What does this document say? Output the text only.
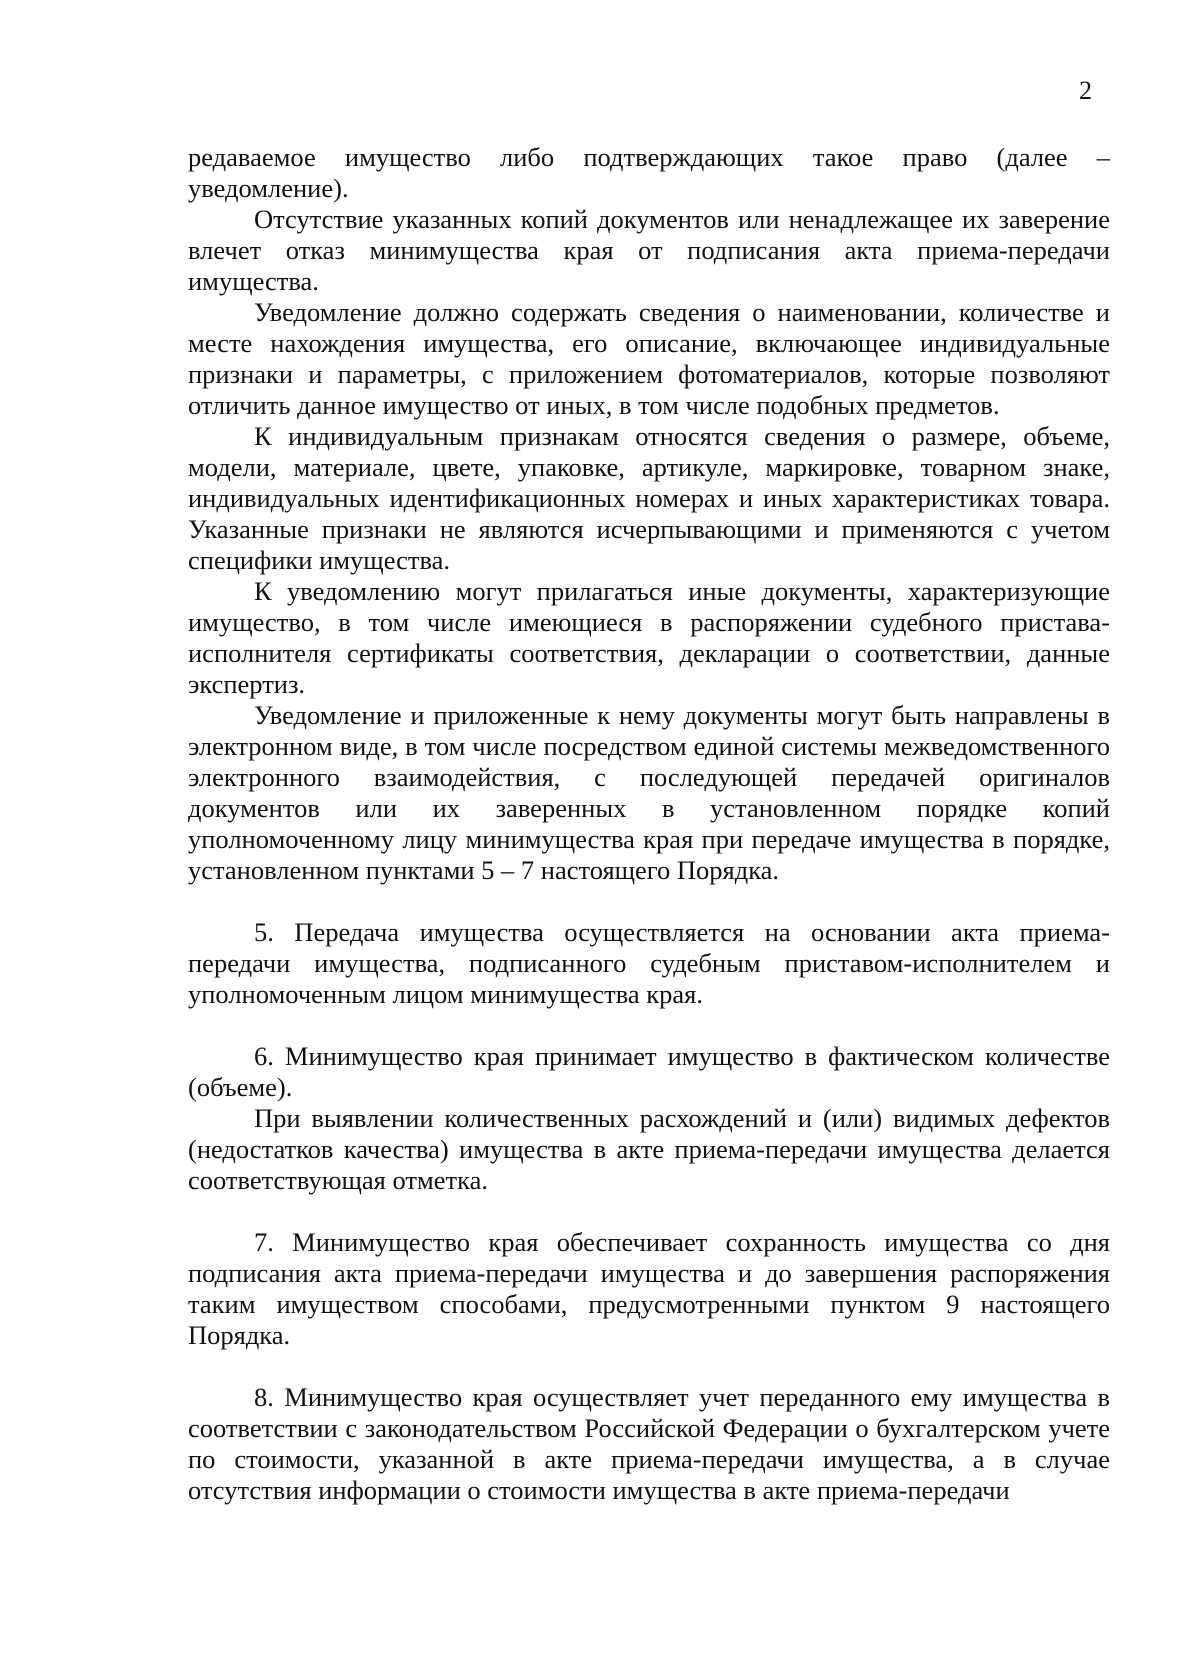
2

редаваемое имущество либо подтверждающих такое право (далее – уведомление).

Отсутствие указанных копий документов или ненадлежащее их заверение влечет отказ минимущества края от подписания акта приема-передачи имущества.

Уведомление должно содержать сведения о наименовании, количестве и месте нахождения имущества, его описание, включающее индивидуальные признаки и параметры, с приложением фотоматериалов, которые позволяют отличить данное имущество от иных, в том числе подобных предметов.

К индивидуальным признакам относятся сведения о размере, объеме, модели, материале, цвете, упаковке, артикуле, маркировке, товарном знаке, индивидуальных идентификационных номерах и иных характеристиках товара. Указанные признаки не являются исчерпывающими и применяются с учетом специфики имущества.

К уведомлению могут прилагаться иные документы, характеризующие имущество, в том числе имеющиеся в распоряжении судебного пристава-исполнителя сертификаты соответствия, декларации о соответствии, данные экспертиз.

Уведомление и приложенные к нему документы могут быть направлены в электронном виде, в том числе посредством единой системы межведомственного электронного взаимодействия, с последующей передачей оригиналов документов или их заверенных в установленном порядке копий уполномоченному лицу минимущества края при передаче имущества в порядке, установленном пунктами 5 – 7 настоящего Порядка.

5. Передача имущества осуществляется на основании акта приема-передачи имущества, подписанного судебным приставом-исполнителем и уполномоченным лицом минимущества края.

6. Минимущество края принимает имущество в фактическом количестве (объеме).

При выявлении количественных расхождений и (или) видимых дефектов (недостатков качества) имущества в акте приема-передачи имущества делается соответствующая отметка.

7. Минимущество края обеспечивает сохранность имущества со дня подписания акта приема-передачи имущества и до завершения распоряжения таким имуществом способами, предусмотренными пунктом 9 настоящего Порядка.

8. Минимущество края осуществляет учет переданного ему имущества в соответствии с законодательством Российской Федерации о бухгалтерском учете по стоимости, указанной в акте приема-передачи имущества, а в случае отсутствия информации о стоимости имущества в акте приема-передачи
